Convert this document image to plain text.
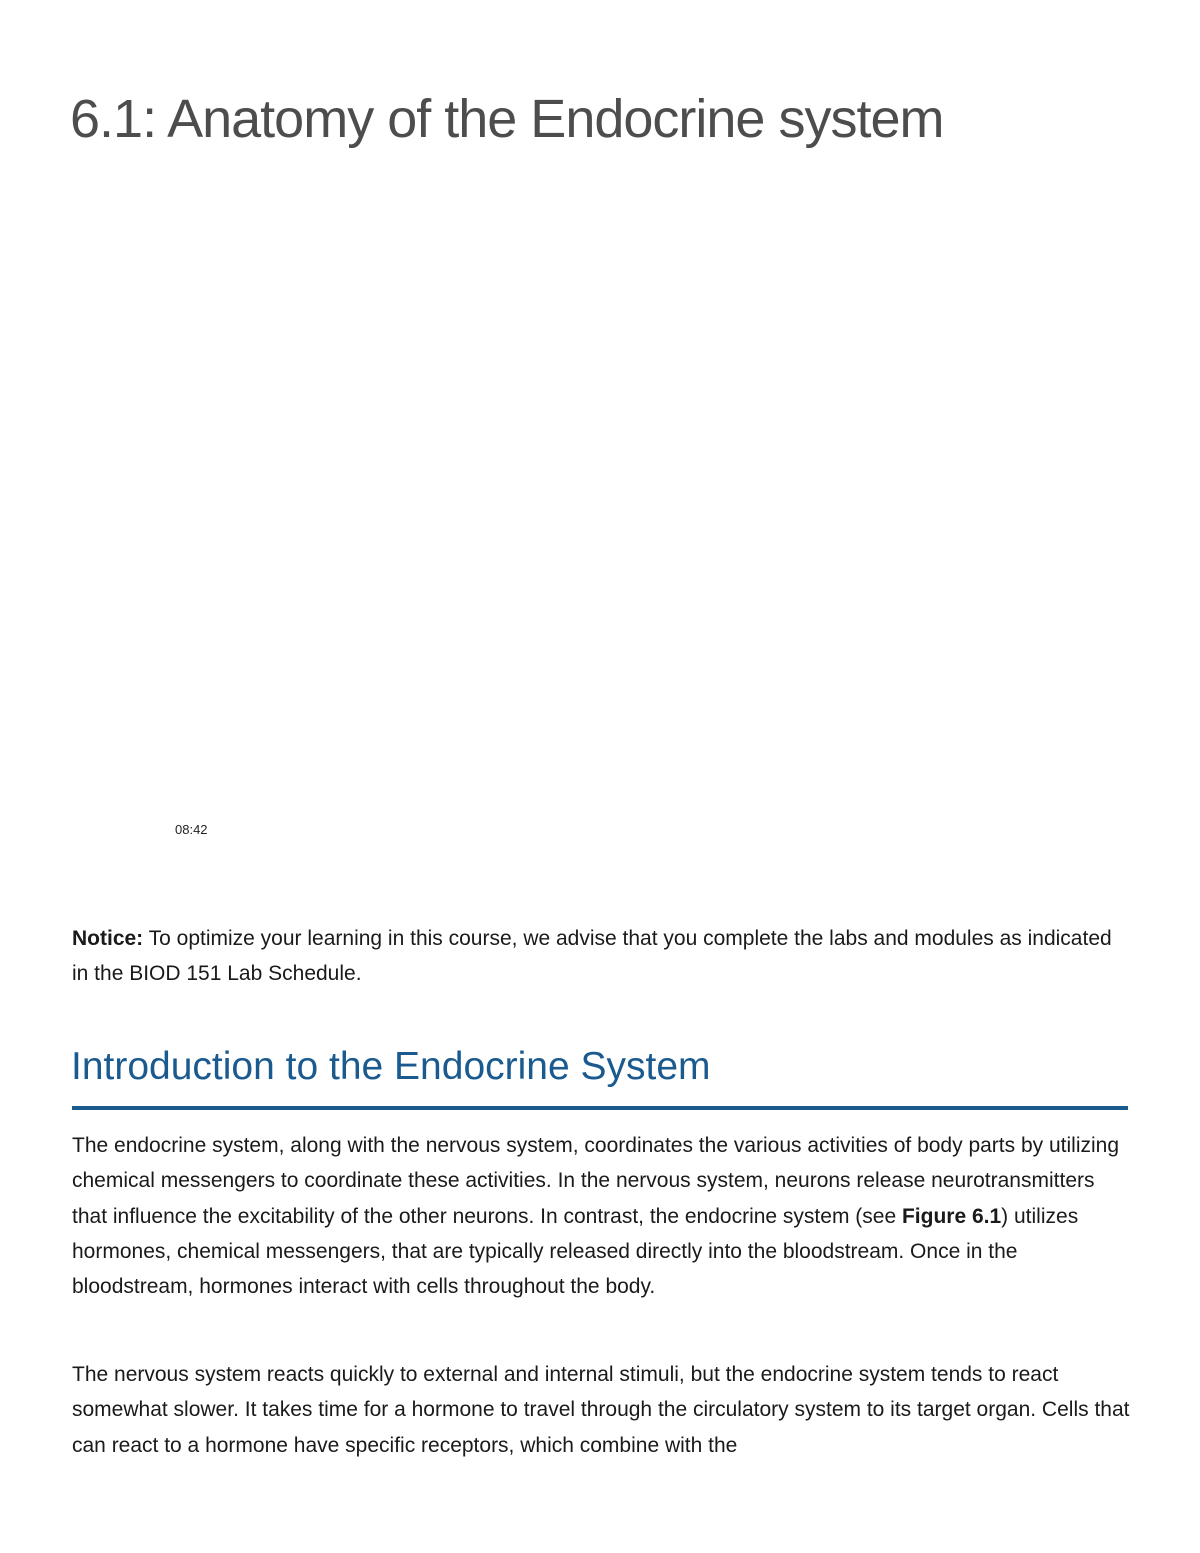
6.1: Anatomy of the Endocrine system
08:42

Notice: To optimize your learning in this course, we advise that you complete the labs and modules as indicated in the BIOD 151 Lab Schedule.

Introduction to the Endocrine System

The endocrine system, along with the nervous system, coordinates the various activities of body parts by utilizing chemical messengers to coordinate these activities. In the nervous system, neurons release neurotransmitters that influence the excitability of the other neurons. In contrast, the endocrine system (see Figure 6.1) utilizes hormones, chemical messengers, that are typically released directly into the bloodstream. Once in the bloodstream, hormones interact with cells throughout the body.

The nervous system reacts quickly to external and internal stimuli, but the endocrine system tends to react somewhat slower. It takes time for a hormone to travel through the circulatory system to its target organ. Cells that can react to a hormone have specific receptors, which combine with the
